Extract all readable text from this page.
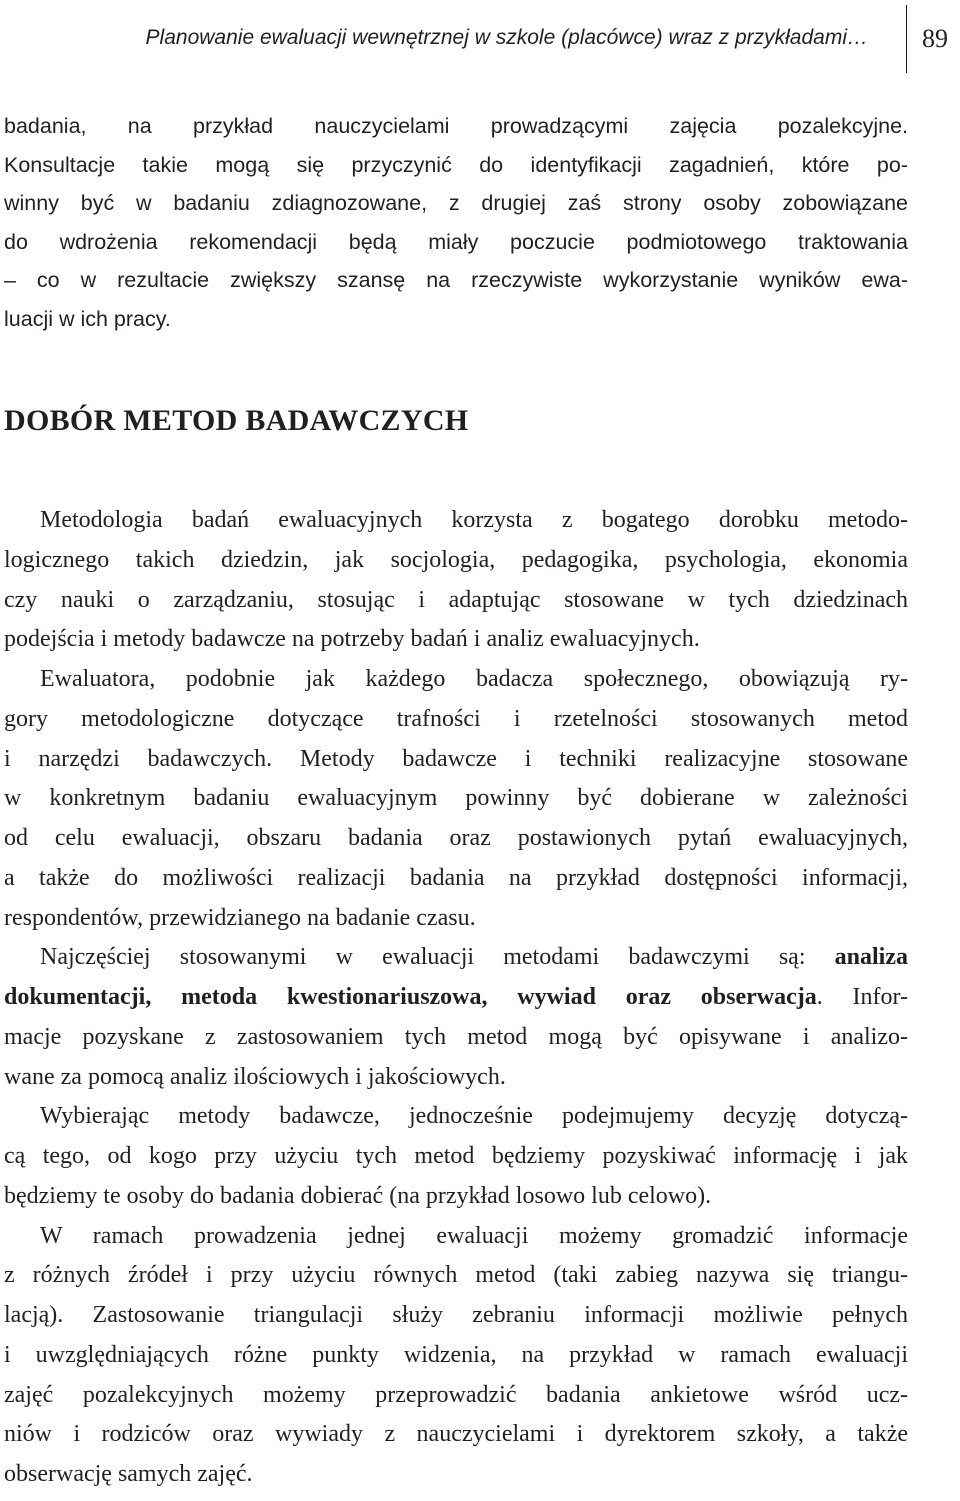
Planowanie ewaluacji wewnętrznej w szkole (placówce) wraz z przykładami… 89
badania, na przykład nauczycielami prowadzącymi zajęcia pozalekcyjne.
Konsultacje takie mogą się przyczynić do identyfikacji zagadnień, które po-
winny być w badaniu zdiagnozowane, z drugiej zaś strony osoby zobowiązane
do wdrożenia rekomendacji będą miały poczucie podmiotowego traktowania
– co w rezultacie zwiększy szansę na rzeczywiste wykorzystanie wyników ewa-
luacji w ich pracy.
DOBÓR METOD BADAWCZYCH

Metodologia badań ewaluacyjnych korzysta z bogatego dorobku metodo-
logicznego takich dziedzin, jak socjologia, pedagogika, psychologia, ekonomia
czy nauki o zarządzaniu, stosując i adaptując stosowane w tych dziedzinach
podejścia i metody badawcze na potrzeby badań i analiz ewaluacyjnych.

Ewaluatora, podobnie jak każdego badacza społecznego, obowiązują ry-
gory metodologiczne dotyczące trafności i rzetelności stosowanych metod
i narzędzi badawczych. Metody badawcze i techniki realizacyjne stosowane
w konkretnym badaniu ewaluacyjnym powinny być dobierane w zależności
od celu ewaluacji, obszaru badania oraz postawionych pytań ewaluacyjnych,
a także do możliwości realizacji badania na przykład dostępności informacji,
respondentów, przewidzianego na badanie czasu.

Najczęściej stosowanymi w ewaluacji metodami badawczymi są: analiza
dokumentacji, metoda kwestionariuszowa, wywiad oraz obserwacja. Infor-
macje pozyskane z zastosowaniem tych metod mogą być opisywane i analizo-
wane za pomocą analiz ilościowych i jakościowych.

Wybierając metody badawcze, jednocześnie podejmujemy decyzję dotyczą-
cą tego, od kogo przy użyciu tych metod będziemy pozyskiwać informację i jak
będziemy te osoby do badania dobierać (na przykład losowo lub celowo).

W ramach prowadzenia jednej ewaluacji możemy gromadzić informacje
z różnych źródeł i przy użyciu równych metod (taki zabieg nazywa się triangu-
lacją). Zastosowanie triangulacji służy zebraniu informacji możliwie pełnych
i uwzględniających różne punkty widzenia, na przykład w ramach ewaluacji
zajęć pozalekcyjnych możemy przeprowadzić badania ankietowe wśród ucz-
niów i rodziców oraz wywiady z nauczycielami i dyrektorem szkoły, a także
obserwację samych zajęć.
